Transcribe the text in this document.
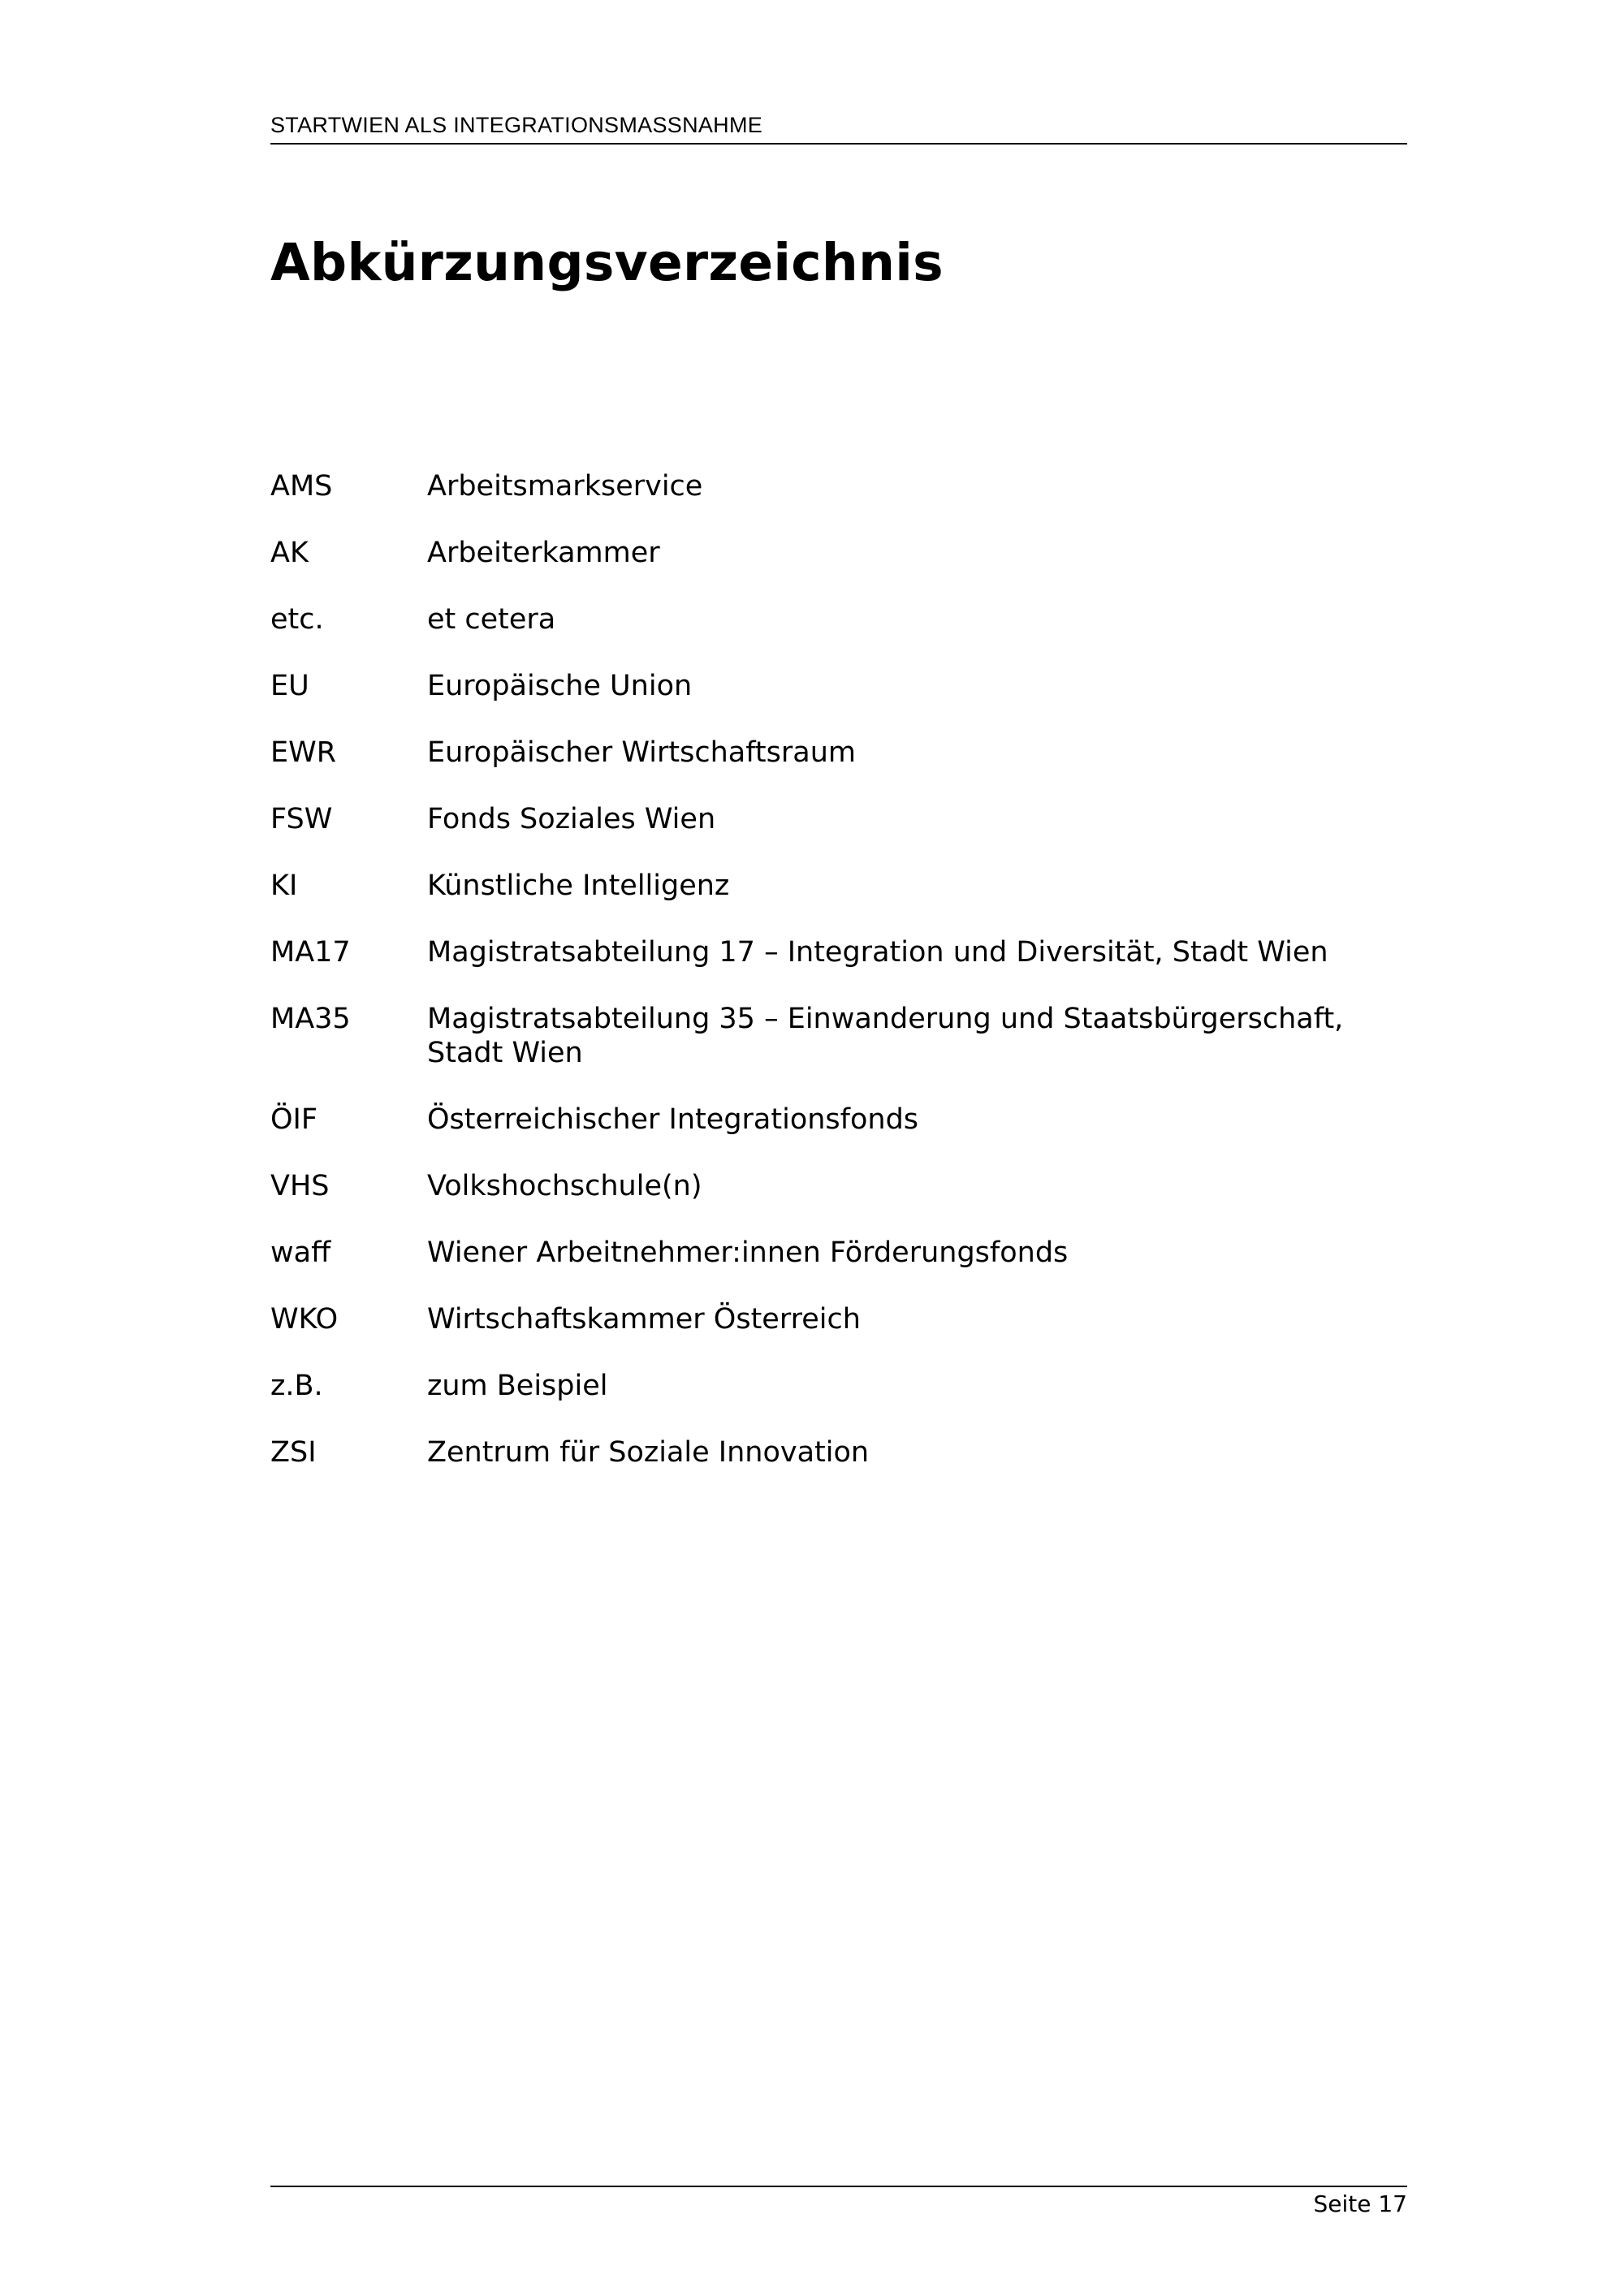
STARTWIEN ALS INTEGRATIONSMASSNAHME
Abkürzungsverzeichnis
AMS	Arbeitsmarkservice
AK	Arbeiterkammer
etc.	et cetera
EU	Europäische Union
EWR	Europäischer Wirtschaftsraum
FSW	Fonds Soziales Wien
KI	Künstliche Intelligenz
MA17	Magistratsabteilung 17 – Integration und Diversität, Stadt Wien
MA35	Magistratsabteilung 35 – Einwanderung und Staatsbürgerschaft, Stadt Wien
ÖIF	Österreichischer Integrationsfonds
VHS	Volkshochschule(n)
waff	Wiener Arbeitnehmer:innen Förderungsfonds
WKO	Wirtschaftskammer Österreich
z.B.	zum Beispiel
ZSI	Zentrum für Soziale Innovation
Seite 17
